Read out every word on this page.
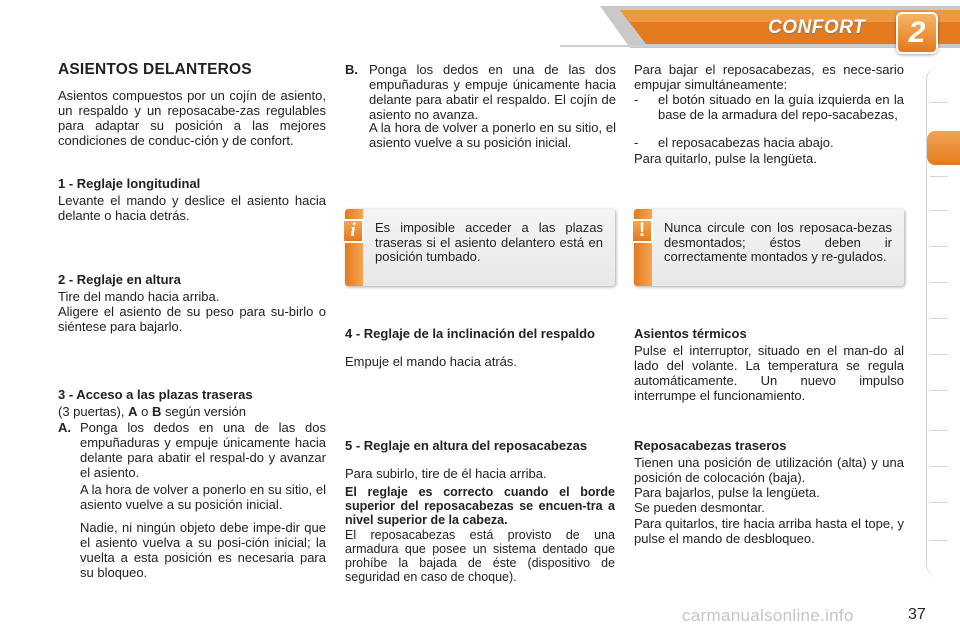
CONFORT	2
ASIENTOS DELANTEROS
Asientos compuestos por un cojín de asiento, un respaldo y un reposacabe-zas regulables para adaptar su posición a las mejores condiciones de conduc-ción y de confort.
1 - Reglaje longitudinal
Levante el mando y deslice el asiento hacia delante o hacia detrás.
2 - Reglaje en altura
Tire del mando hacia arriba.
Aligere el asiento de su peso para su-birlo o siéntese para bajarlo.
3 - Acceso a las plazas traseras
(3 puertas), A o B según versión
A. Ponga los dedos en una de las dos empuñaduras y empuje únicamente hacia delante para abatir el respal-do y avanzar el asiento.
A la hora de volver a ponerlo en su sitio, el asiento vuelve a su posición inicial.
Nadie, ni ningún objeto debe impe-dir que el asiento vuelva a su posi-ción inicial; la vuelta a esta posición es necesaria para su bloqueo.
B. Ponga los dedos en una de las dos empuñaduras y empuje únicamente hacia delante para abatir el respaldo. El cojín de asiento no avanza.
A la hora de volver a ponerlo en su sitio, el asiento vuelve a su posición inicial.
i	Es imposible acceder a las plazas traseras si el asiento delantero está en posición tumbado.
4 - Reglaje de la inclinación del respaldo
Empuje el mando hacia atrás.
5 - Reglaje en altura del reposacabezas
Para subirlo, tire de él hacia arriba.
El reglaje es correcto cuando el borde superior del reposacabezas se encuen-tra a nivel superior de la cabeza.
El reposacabezas está provisto de una armadura que posee un sistema dentado que prohíbe la bajada de éste (dispositivo de seguridad en caso de choque).
Para bajar el reposacabezas, es nece-sario empujar simultáneamente:
- el botón situado en la guía izquierda en la base de la armadura del repo-sacabezas,
- el reposacabezas hacia abajo.
Para quitarlo, pulse la lengüeta.
!	Nunca circule con los reposaca-bezas desmontados; éstos deben ir correctamente montados y re-gulados.
Asientos térmicos
Pulse el interruptor, situado en el man-do al lado del volante. La temperatura se regula automáticamente. Un nuevo impulso interrumpe el funcionamiento.
Reposacabezas traseros
Tienen una posición de utilización (alta) y una posición de colocación (baja).
Para bajarlos, pulse la lengüeta.
Se pueden desmontar.
Para quitarlos, tire hacia arriba hasta el tope, y pulse el mando de desbloqueo.
carmanualsonline.info	37
